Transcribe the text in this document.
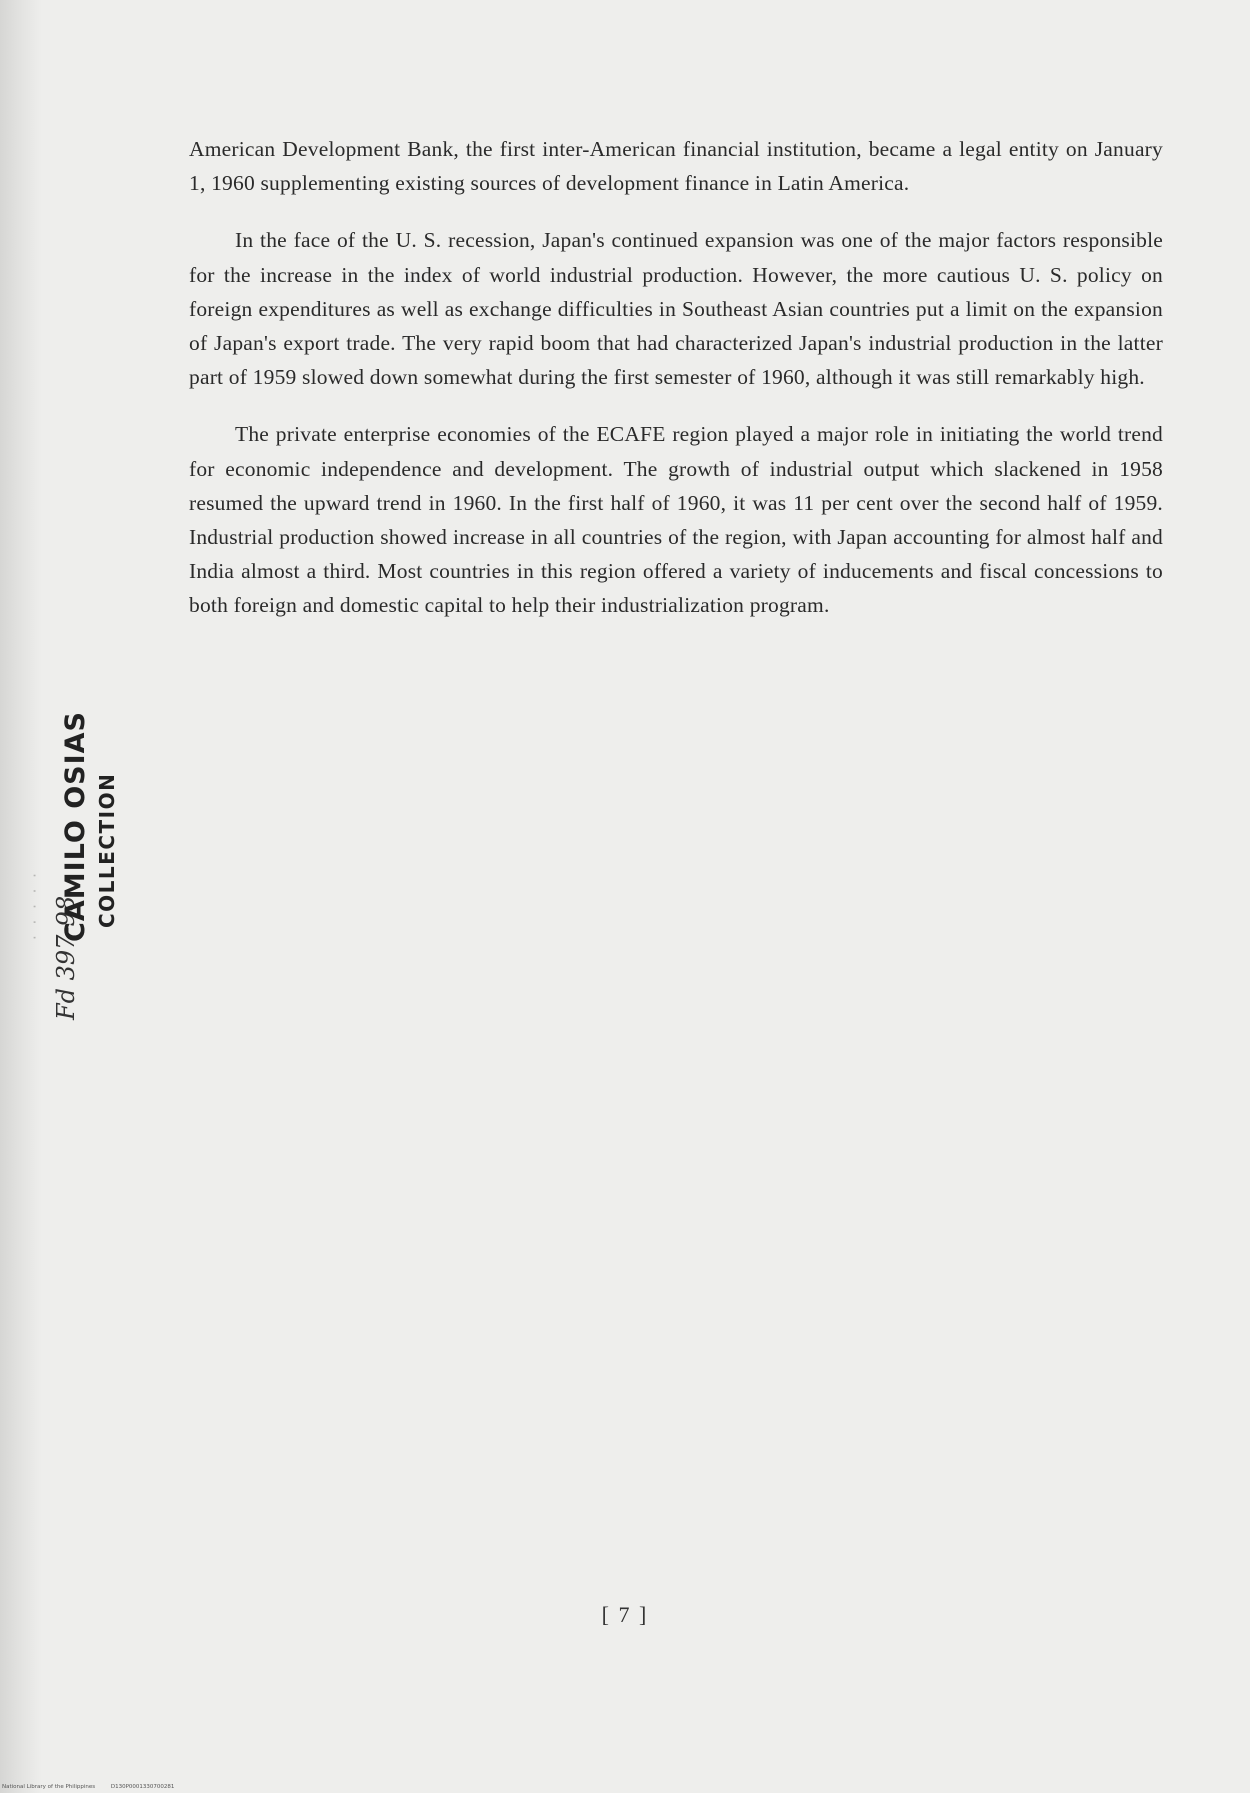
American Development Bank, the first inter-American financial institution, became a legal entity on January 1, 1960 supplementing existing sources of development finance in Latin America.

In the face of the U. S. recession, Japan's continued expansion was one of the major factors responsible for the increase in the index of world industrial production. However, the more cautious U. S. policy on foreign expenditures as well as exchange difficulties in Southeast Asian countries put a limit on the expansion of Japan's export trade. The very rapid boom that had characterized Japan's industrial production in the latter part of 1959 slowed down somewhat during the first semester of 1960, although it was still remarkably high.

The private enterprise economies of the ECAFE region played a major role in initiating the world trend for economic independence and development. The growth of industrial output which slackened in 1958 resumed the upward trend in 1960. In the first half of 1960, it was 11 per cent over the second half of 1959. Industrial production showed increase in all countries of the region, with Japan accounting for almost half and India almost a third. Most countries in this region offered a variety of inducements and fiscal concessions to both foreign and domestic capital to help their industrialization program.

· · · · · Fd 397-98
CAMILO OSIAS COLLECTION
[ 7 ]
National Library of the Philippines	D130P0001330700281
